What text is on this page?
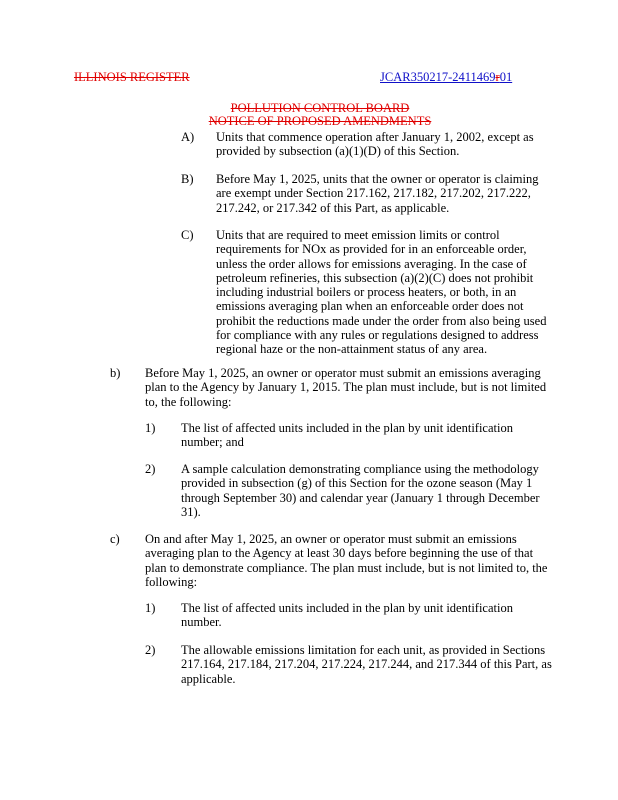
ILLINOIS REGISTER	JCAR350217-2411469r01
POLLUTION CONTROL BOARD
NOTICE OF PROPOSED AMENDMENTS
A) Units that commence operation after January 1, 2002, except as
provided by subsection (a)(1)(D) of this Section.
B) Before May 1, 2025, units that the owner or operator is claiming
are exempt under Section 217.162, 217.182, 217.202, 217.222,
217.242, or 217.342 of this Part, as applicable.
C) Units that are required to meet emission limits or control
requirements for NOx as provided for in an enforceable order,
unless the order allows for emissions averaging. In the case of
petroleum refineries, this subsection (a)(2)(C) does not prohibit
including industrial boilers or process heaters, or both, in an
emissions averaging plan when an enforceable order does not
prohibit the reductions made under the order from also being used
for compliance with any rules or regulations designed to address
regional haze or the non-attainment status of any area.
b) Before May 1, 2025, an owner or operator must submit an emissions averaging
plan to the Agency by January 1, 2015. The plan must include, but is not limited
to, the following:
1) The list of affected units included in the plan by unit identification
number; and
2) A sample calculation demonstrating compliance using the methodology
provided in subsection (g) of this Section for the ozone season (May 1
through September 30) and calendar year (January 1 through December
31).
c) On and after May 1, 2025, an owner or operator must submit an emissions
averaging plan to the Agency at least 30 days before beginning the use of that
plan to demonstrate compliance. The plan must include, but is not limited to, the
following:
1) The list of affected units included in the plan by unit identification
number.
2) The allowable emissions limitation for each unit, as provided in Sections
217.164, 217.184, 217.204, 217.224, 217.244, and 217.344 of this Part, as
applicable.
